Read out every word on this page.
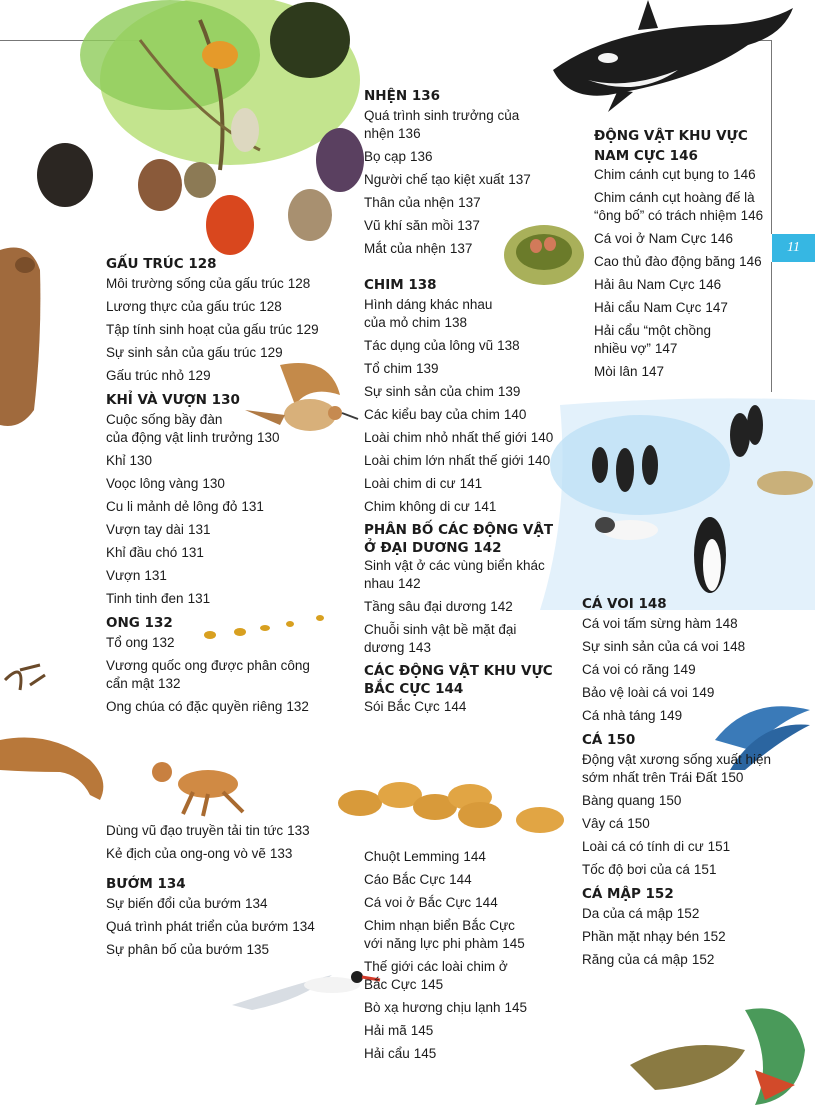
11

GẤU TRÚC 128

Môi trường sống của gấu trúc 128

Lương thực của gấu trúc 128

Tập tính sinh hoạt của gấu trúc 129

Sự sinh sản của gấu trúc 129

Gấu trúc nhỏ 129

KHỈ VÀ VƯỢN 130

Cuộc sống bầy đàn
của động vật linh trưởng 130

Khỉ 130

Voọc lông vàng 130

Cu li mảnh dẻ lông đỏ 131

Vượn tay dài 131

Khỉ đầu chó 131

Vượn 131

Tinh tinh đen 131

ONG 132

Tổ ong 132

Vương quốc ong được phân công
cẩn mật 132

Ong chúa có đặc quyền riêng 132

Dùng vũ đạo truyền tải tin tức 133

Kẻ địch của ong-ong vò vẽ 133

BƯỚM 134

Sự biến đổi của bướm 134

Quá trình phát triển của bướm 134

Sự phân bố của bướm 135

NHỆN 136

Quá trình sinh trưởng của
nhện 136

Bọ cạp 136

Người chế tạo kiệt xuất 137

Thân của nhện 137

Vũ khí săn mồi 137

Mắt của nhện 137

CHIM 138

Hình dáng khác nhau
của mỏ chim 138

Tác dụng của lông vũ 138

Tổ chim 139

Sự sinh sản của chim 139

Các kiểu bay của chim 140

Loài chim nhỏ nhất thế giới 140

Loài chim lớn nhất thế giới 140

Loài chim di cư 141

Chim không di cư 141

PHÂN BỐ CÁC ĐỘNG VẬT
Ở ĐẠI DƯƠNG 142

Sinh vật ở các vùng biển khác
nhau 142

Tầng sâu đại dương 142

Chuỗi sinh vật bề mặt đại
dương 143

CÁC ĐỘNG VẬT KHU VỰC
BẮC CỰC 144

Sói Bắc Cực 144

Chuột Lemming 144

Cáo Bắc Cực 144

Cá voi ở Bắc Cực 144

Chim nhạn biển Bắc Cực
với năng lực phi phàm 145

Thế giới các loài chim ở
Bắc Cực 145

Bò xạ hương chịu lạnh 145

Hải mã 145

Hải cẩu 145

ĐỘNG VẬT KHU VỰC
NAM CỰC 146

Chim cánh cụt bụng to 146

Chim cánh cụt hoàng đế là
“ông bố” có trách nhiệm 146

Cá voi ở Nam Cực 146

Cao thủ đào động băng 146

Hải âu Nam Cực 146

Hải cẩu Nam Cực 147

Hải cẩu “một chồng
nhiều vợ” 147

Mòi lân 147

CÁ VOI 148

Cá voi tấm sừng hàm 148

Sự sinh sản của cá voi 148

Cá voi có răng 149

Bảo vệ loài cá voi 149

Cá nhà táng 149

CÁ 150

Động vật xương sống xuất hiện
sớm nhất trên Trái Đất 150

Bàng quang 150

Vây cá 150

Loài cá có tính di cư 151

Tốc độ bơi của cá 151

CÁ MẬP 152

Da của cá mập 152

Phần mặt nhạy bén 152

Răng của cá mập 152
